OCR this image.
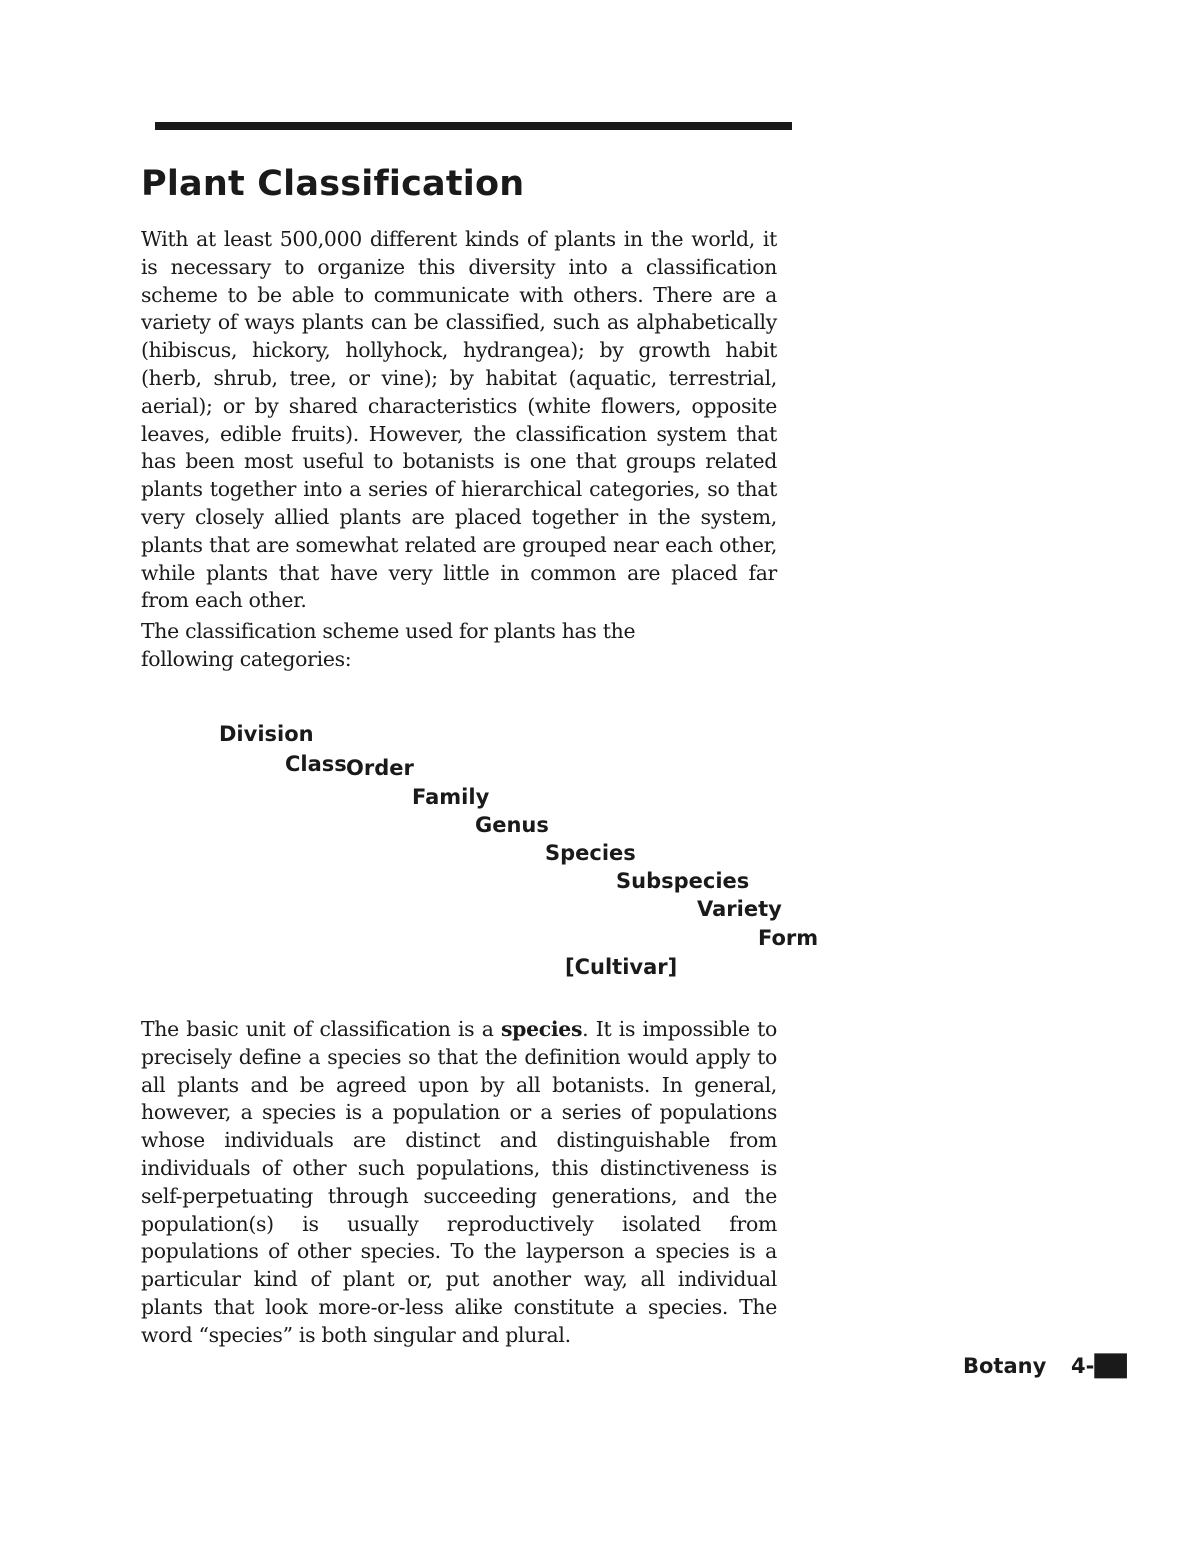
Plant Classification

With at least 500,000 different kinds of plants in the world, it is necessary to organize this diversity into a classification scheme to be able to communicate with others. There are a variety of ways plants can be classified, such as alphabetically (hibiscus, hickory, hollyhock, hydrangea); by growth habit (herb, shrub, tree, or vine); by habitat (aquatic, terrestrial, aerial); or by shared characteristics (white flowers, opposite leaves, edible fruits). However, the classification system that has been most useful to botanists is one that groups related plants together into a series of hierarchical categories, so that very closely allied plants are placed together in the system, plants that are somewhat related are grouped near each other, while plants that have very little in common are placed far from each other.

The classification scheme used for plants has the
following categories:

Division
Class Order
Family
Genus
Species
Subspecies
Variety
Form
[Cultivar]

The basic unit of classification is a species. It is impossible to precisely define a species so that the definition would apply to all plants and be agreed upon by all botanists. In general, however, a species is a population or a series of populations whose individuals are distinct and distinguishable from individuals of other such populations, this distinctiveness is self-perpetuating through succeeding generations, and the population(s) is usually reproductively isolated from populations of other species. To the layperson a species is a particular kind of plant or, put another way, all individual plants that look more-or-less alike constitute a species. The word “species” is both singular and plural.

Botany 4-██
